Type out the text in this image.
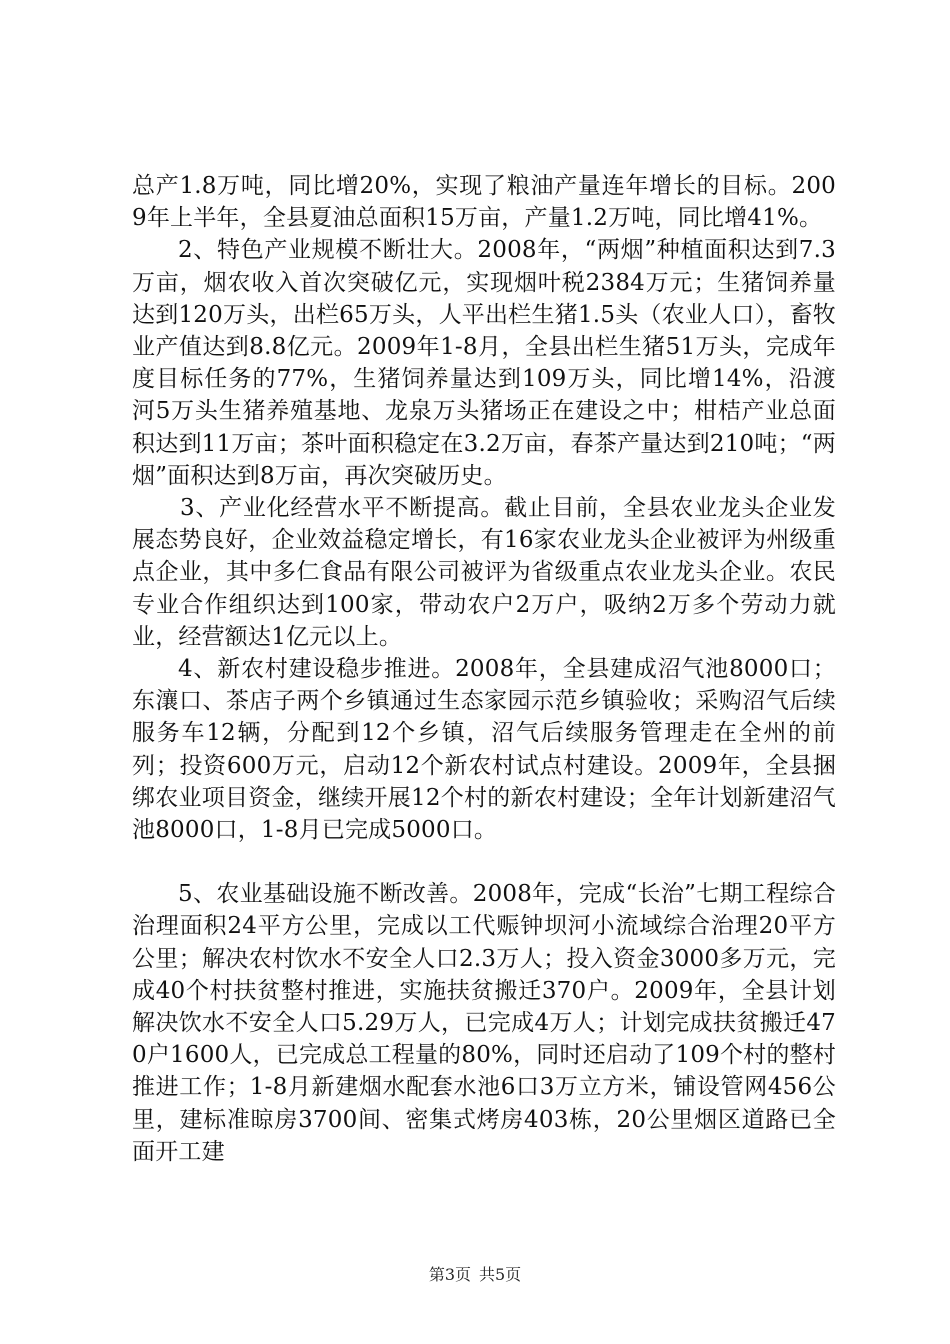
总产1.8万吨，同比增20%，实现了粮油产量连年增长的目标。2009年上半年，全县夏油总面积15万亩，产量1.2万吨，同比增41%。

2、特色产业规模不断壮大。2008年，“两烟”种植面积达到7.3万亩，烟农收入首次突破亿元，实现烟叶税2384万元；生猪饲养量达到120万头，出栏65万头，人平出栏生猪1.5头（农业人口），畜牧业产值达到8.8亿元。2009年1-8月，全县出栏生猪51万头，完成年度目标任务的77%，生猪饲养量达到109万头，同比增14%，沿渡河5万头生猪养殖基地、龙泉万头猪场正在建设之中；柑桔产业总面积达到11万亩；茶叶面积稳定在3.2万亩，春茶产量达到210吨；“两烟”面积达到8万亩，再次突破历史。

3、产业化经营水平不断提高。截止目前，全县农业龙头企业发展态势良好，企业效益稳定增长，有16家农业龙头企业被评为州级重点企业，其中多仁食品有限公司被评为省级重点农业龙头企业。农民专业合作组织达到100家，带动农户2万户，吸纳2万多个劳动力就业，经营额达1亿元以上。

4、新农村建设稳步推进。2008年，全县建成沼气池8000口；东瀼口、茶店子两个乡镇通过生态家园示范乡镇验收；采购沼气后续服务车12辆，分配到12个乡镇，沼气后续服务管理走在全州的前列；投资600万元，启动12个新农村试点村建设。2009年，全县捆绑农业项目资金，继续开展12个村的新农村建设；全年计划新建沼气池8000口，1-8月已完成5000口。

5、农业基础设施不断改善。2008年，完成“长治”七期工程综合治理面积24平方公里，完成以工代赈钟坝河小流域综合治理20平方公里；解决农村饮水不安全人口2.3万人；投入资金3000多万元，完成40个村扶贫整村推进，实施扶贫搬迁370户。2009年，全县计划解决饮水不安全人口5.29万人，已完成4万人；计划完成扶贫搬迁470户1600人，已完成总工程量的80%，同时还启动了109个村的整村推进工作；1-8月新建烟水配套水池6口3万立方米，铺设管网456公里，建标准晾房3700间、密集式烤房403栋，20公里烟区道路已全面开工建

第3页 共5页
